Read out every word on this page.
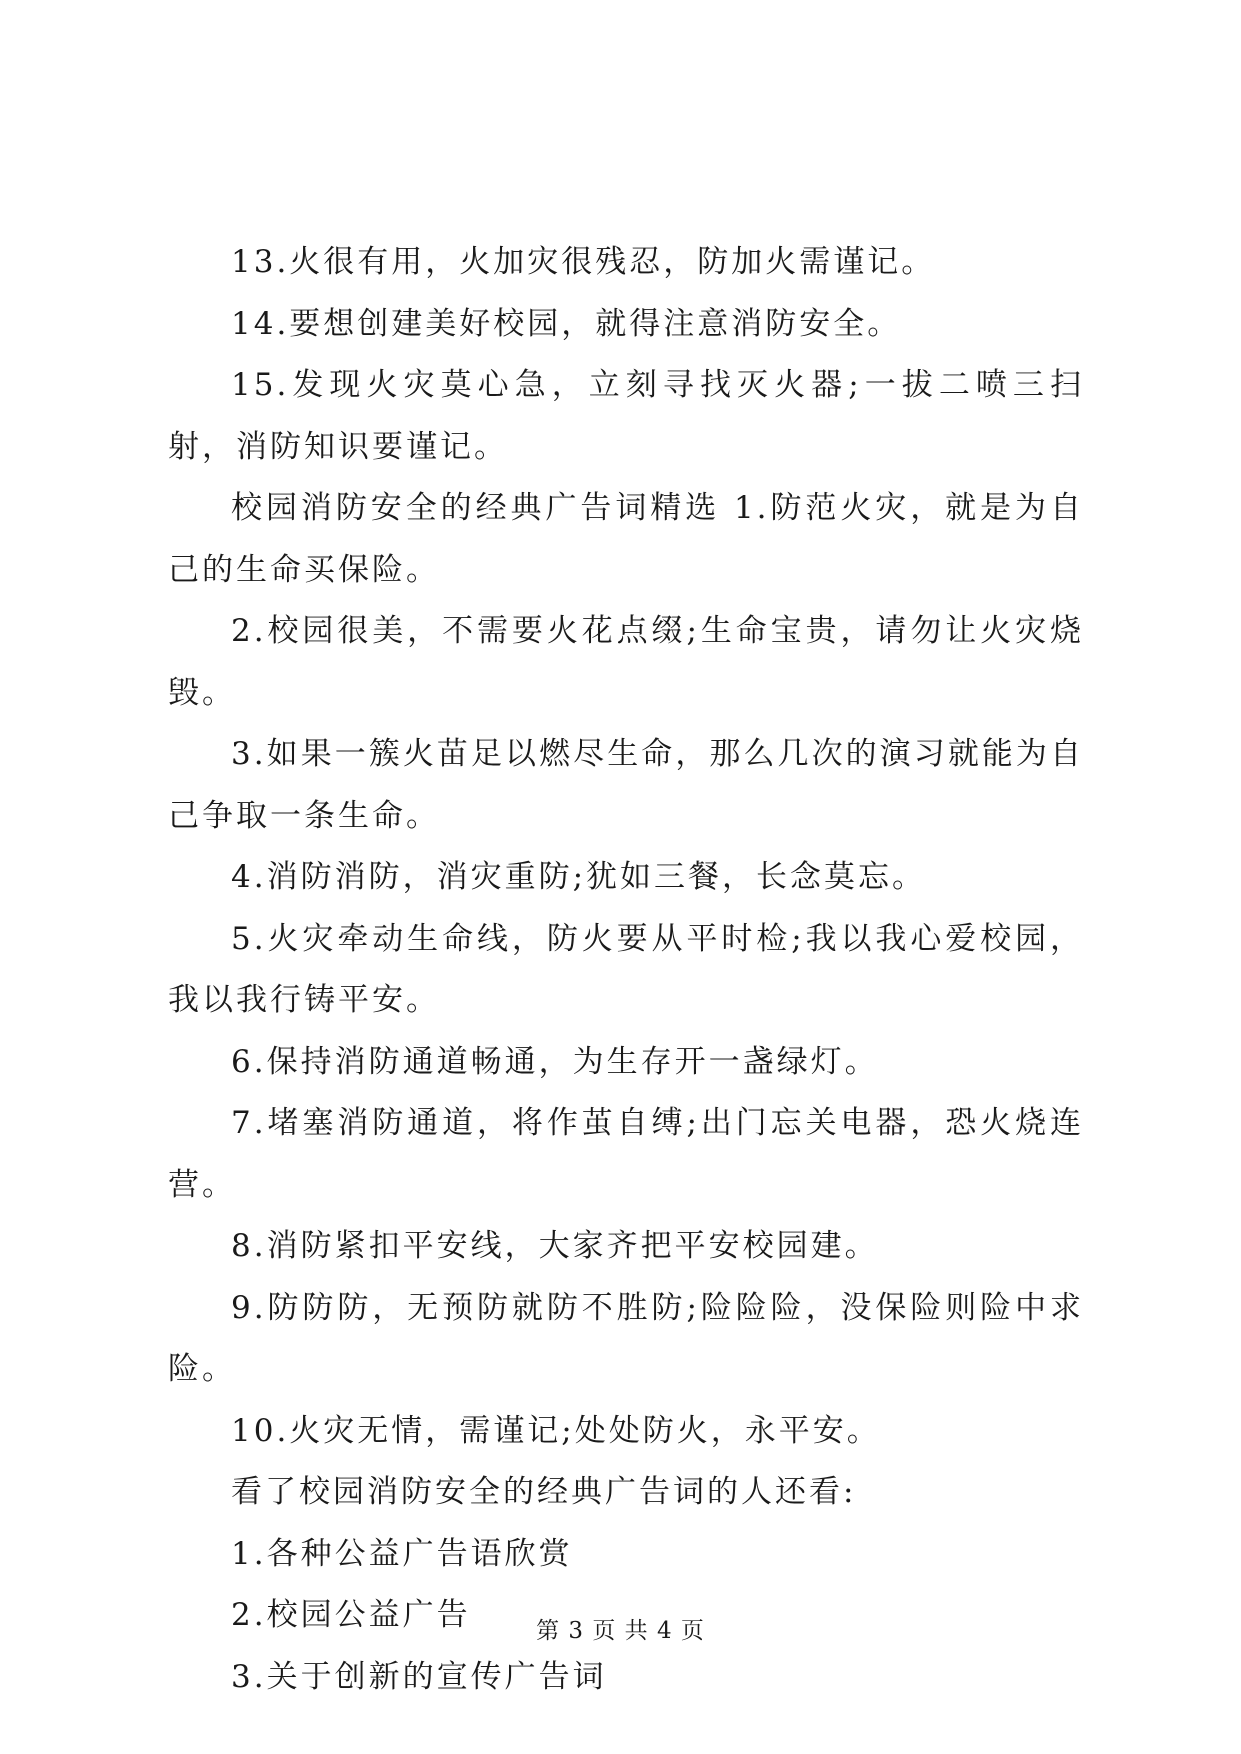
13.火很有用，火加灾很残忍，防加火需谨记。

14.要想创建美好校园，就得注意消防安全。

15.发现火灾莫心急，立刻寻找灭火器;一拔二喷三扫射，消防知识要谨记。

校园消防安全的经典广告词精选 1.防范火灾，就是为自己的生命买保险。

2.校园很美，不需要火花点缀;生命宝贵，请勿让火灾烧毁。

3.如果一簇火苗足以燃尽生命，那么几次的演习就能为自己争取一条生命。

4.消防消防，消灾重防;犹如三餐，长念莫忘。

5.火灾牵动生命线，防火要从平时检;我以我心爱校园，我以我行铸平安。

6.保持消防通道畅通，为生存开一盏绿灯。

7.堵塞消防通道，将作茧自缚;出门忘关电器，恐火烧连营。

8.消防紧扣平安线，大家齐把平安校园建。

9.防防防，无预防就防不胜防;险险险，没保险则险中求险。

10.火灾无情，需谨记;处处防火，永平安。

看了校园消防安全的经典广告词的人还看:

1.各种公益广告语欣赏

2.校园公益广告

3.关于创新的宣传广告词

第 3 页 共 4 页
